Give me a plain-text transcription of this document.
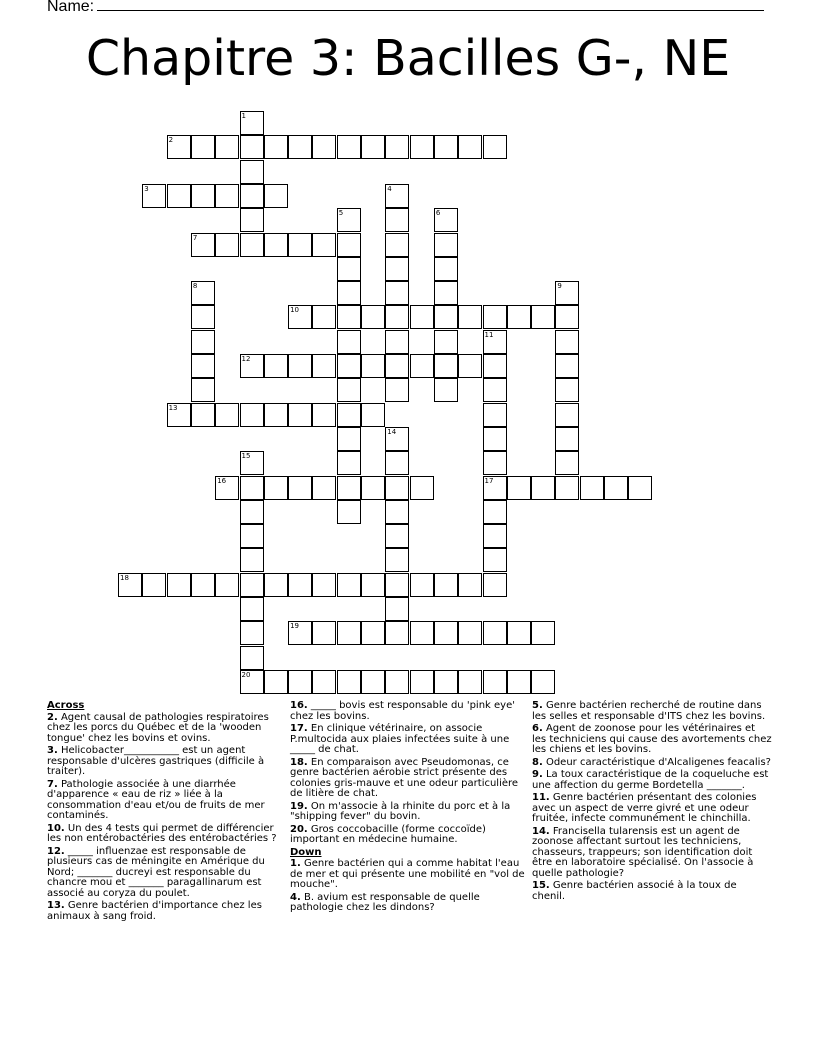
Name:
Chapitre 3: Bacilles G-, NE
1
2
3	4
5	6
7
8	9
10
11
12
13
14
15
16	17
18
19
20
Across
2. Agent causal de pathologies respiratoires chez les porcs du Québec et de la 'wooden tongue' chez les bovins et ovins.
3. Helicobacter___________ est un agent responsable d'ulcères gastriques (difficile à traiter).
7. Pathologie associée à une diarrhée d'apparence « eau de riz » liée à la consommation d'eau et/ou de fruits de mer contaminés.
10. Un des 4 tests qui permet de différencier les non entérobactéries des entérobactéries ?
12. _____ influenzae est responsable de plusieurs cas de méningite en Amérique du Nord; _______ ducreyi est responsable du chancre mou et _______ paragallinarum est associé au coryza du poulet.
13. Genre bactérien d'importance chez les animaux à sang froid.
16. _____ bovis est responsable du 'pink eye' chez les bovins.
17. En clinique vétérinaire, on associe P.multocida aux plaies infectées suite à une _____ de chat.
18. En comparaison avec Pseudomonas, ce genre bactérien aérobie strict présente des colonies gris-mauve et une odeur particulière de litière de chat.
19. On m'associe à la rhinite du porc et à la "shipping fever" du bovin.
20. Gros coccobacille (forme coccoïde) important en médecine humaine.
Down
1. Genre bactérien qui a comme habitat l'eau de mer et qui présente une mobilité en "vol de mouche".
4. B. avium est responsable de quelle pathologie chez les dindons?
5. Genre bactérien recherché de routine dans les selles et responsable d'ITS chez les bovins.
6. Agent de zoonose pour les vétérinaires et les techniciens qui cause des avortements chez les chiens et les bovins.
8. Odeur caractéristique d'Alcaligenes feacalis?
9. La toux caractéristique de la coqueluche est une affection du germe Bordetella _______.
11. Genre bactérien présentant des colonies avec un aspect de verre givré et une odeur fruitée, infecte communément le chinchilla.
14. Francisella tularensis est un agent de zoonose affectant surtout les techniciens, chasseurs, trappeurs; son identification doit être en laboratoire spécialisé. On l'associe à quelle pathologie?
15. Genre bactérien associé à la toux de chenil.
